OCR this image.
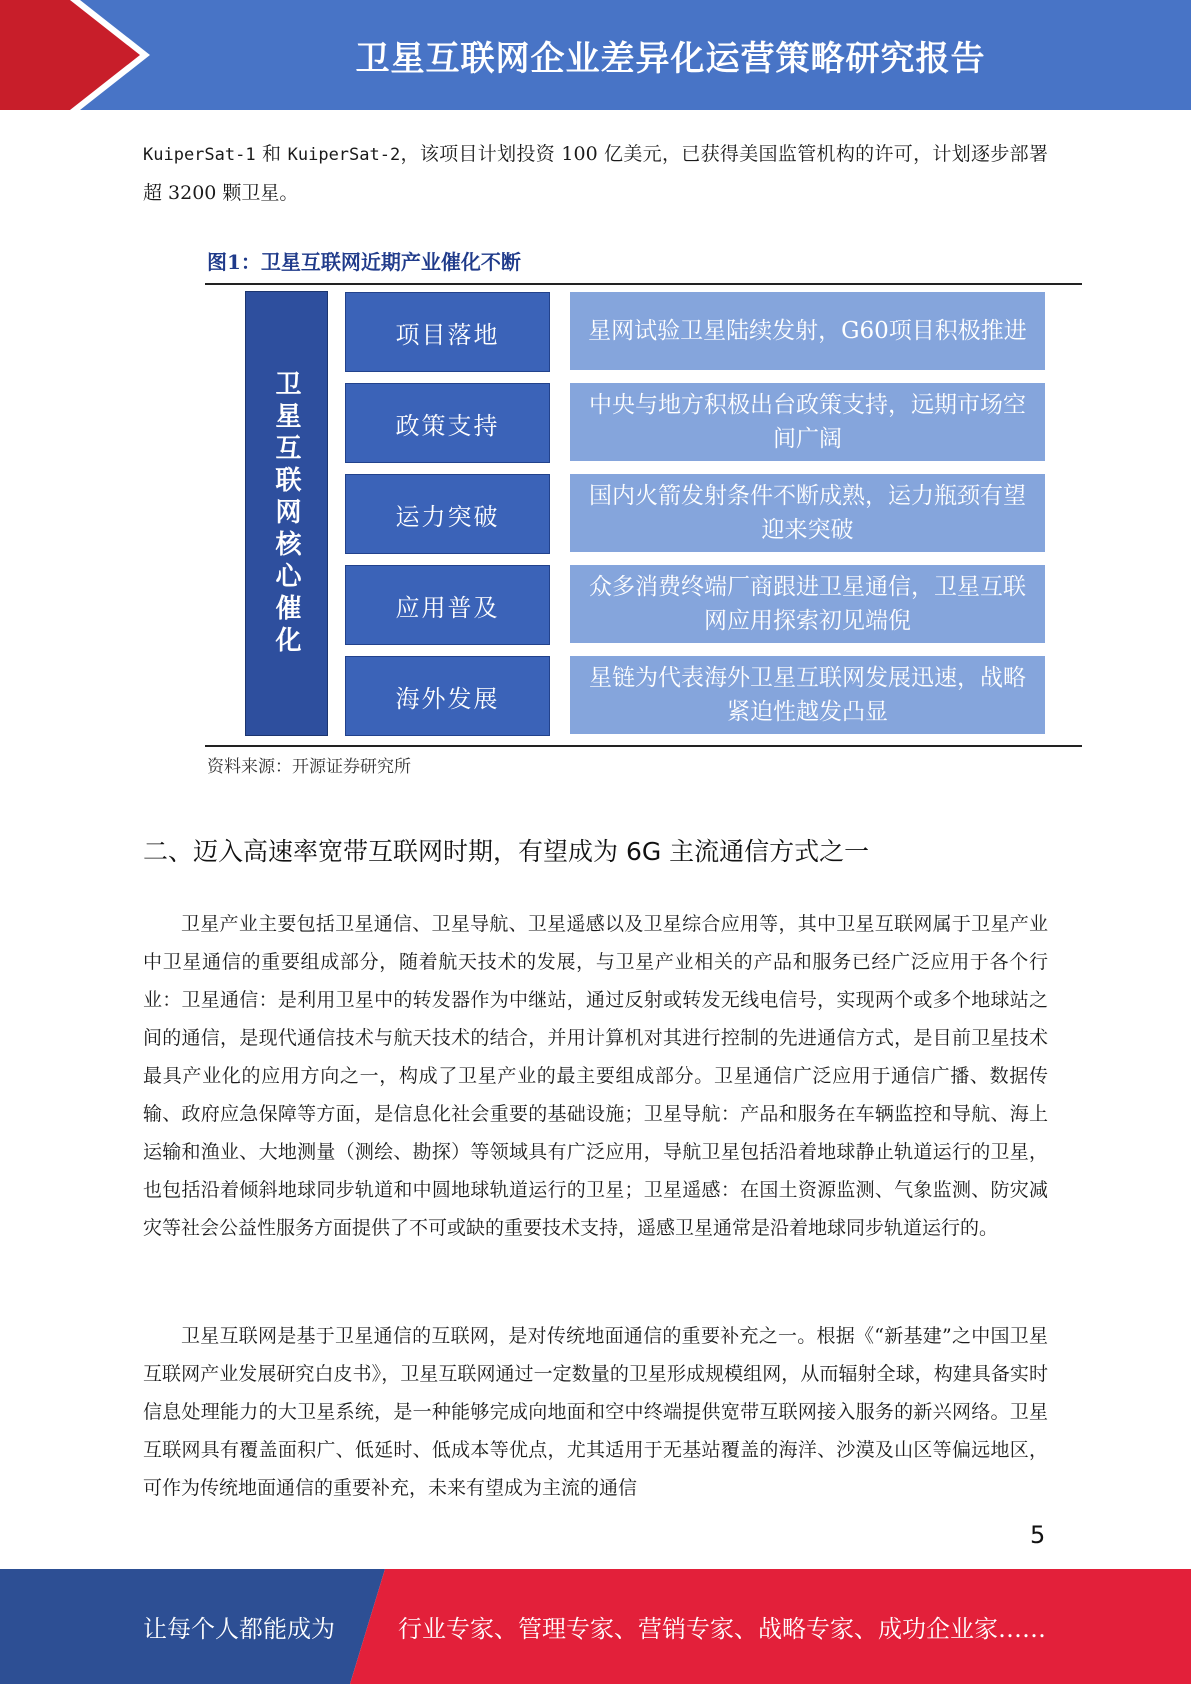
卫星互联网企业差异化运营策略研究报告

KuiperSat-1 和 KuiperSat-2，该项目计划投资 100 亿美元，已获得美国监管机构的许可，计划逐步部署超 3200 颗卫星。

图1：卫星互联网近期产业催化不断
卫星互联网核心催化
项目落地	星网试验卫星陆续发射，G60项目积极推进
政策支持
中央与地方积极出台政策支持，远期市场空间广阔
运力突破
国内火箭发射条件不断成熟，运力瓶颈有望迎来突破
应用普及
众多消费终端厂商跟进卫星通信，卫星互联网应用探索初见端倪
海外发展
星链为代表海外卫星互联网发展迅速，战略紧迫性越发凸显
资料来源：开源证券研究所
二、迈入高速率宽带互联网时期，有望成为 6G 主流通信方式之一

卫星产业主要包括卫星通信、卫星导航、卫星遥感以及卫星综合应用等，其中卫星互联网属于卫星产业中卫星通信的重要组成部分，随着航天技术的发展，与卫星产业相关的产品和服务已经广泛应用于各个行业：卫星通信：是利用卫星中的转发器作为中继站，通过反射或转发无线电信号，实现两个或多个地球站之间的通信，是现代通信技术与航天技术的结合，并用计算机对其进行控制的先进通信方式，是目前卫星技术最具产业化的应用方向之一，构成了卫星产业的最主要组成部分。卫星通信广泛应用于通信广播、数据传输、政府应急保障等方面，是信息化社会重要的基础设施；卫星导航：产品和服务在车辆监控和导航、海上运输和渔业、大地测量（测绘、勘探）等领域具有广泛应用，导航卫星包括沿着地球静止轨道运行的卫星，也包括沿着倾斜地球同步轨道和中圆地球轨道运行的卫星；卫星遥感：在国土资源监测、气象监测、防灾减灾等社会公益性服务方面提供了不可或缺的重要技术支持，遥感卫星通常是沿着地球同步轨道运行的。

卫星互联网是基于卫星通信的互联网，是对传统地面通信的重要补充之一。根据《“新基建”之中国卫星互联网产业发展研究白皮书》，卫星互联网通过一定数量的卫星形成规模组网，从而辐射全球，构建具备实时信息处理能力的大卫星系统，是一种能够完成向地面和空中终端提供宽带互联网接入服务的新兴网络。卫星互联网具有覆盖面积广、低延时、低成本等优点，尤其适用于无基站覆盖的海洋、沙漠及山区等偏远地区，可作为传统地面通信的重要补充，未来有望成为主流的通信

5
让每个人都能成为	行业专家、管理专家、营销专家、战略专家、成功企业家……
